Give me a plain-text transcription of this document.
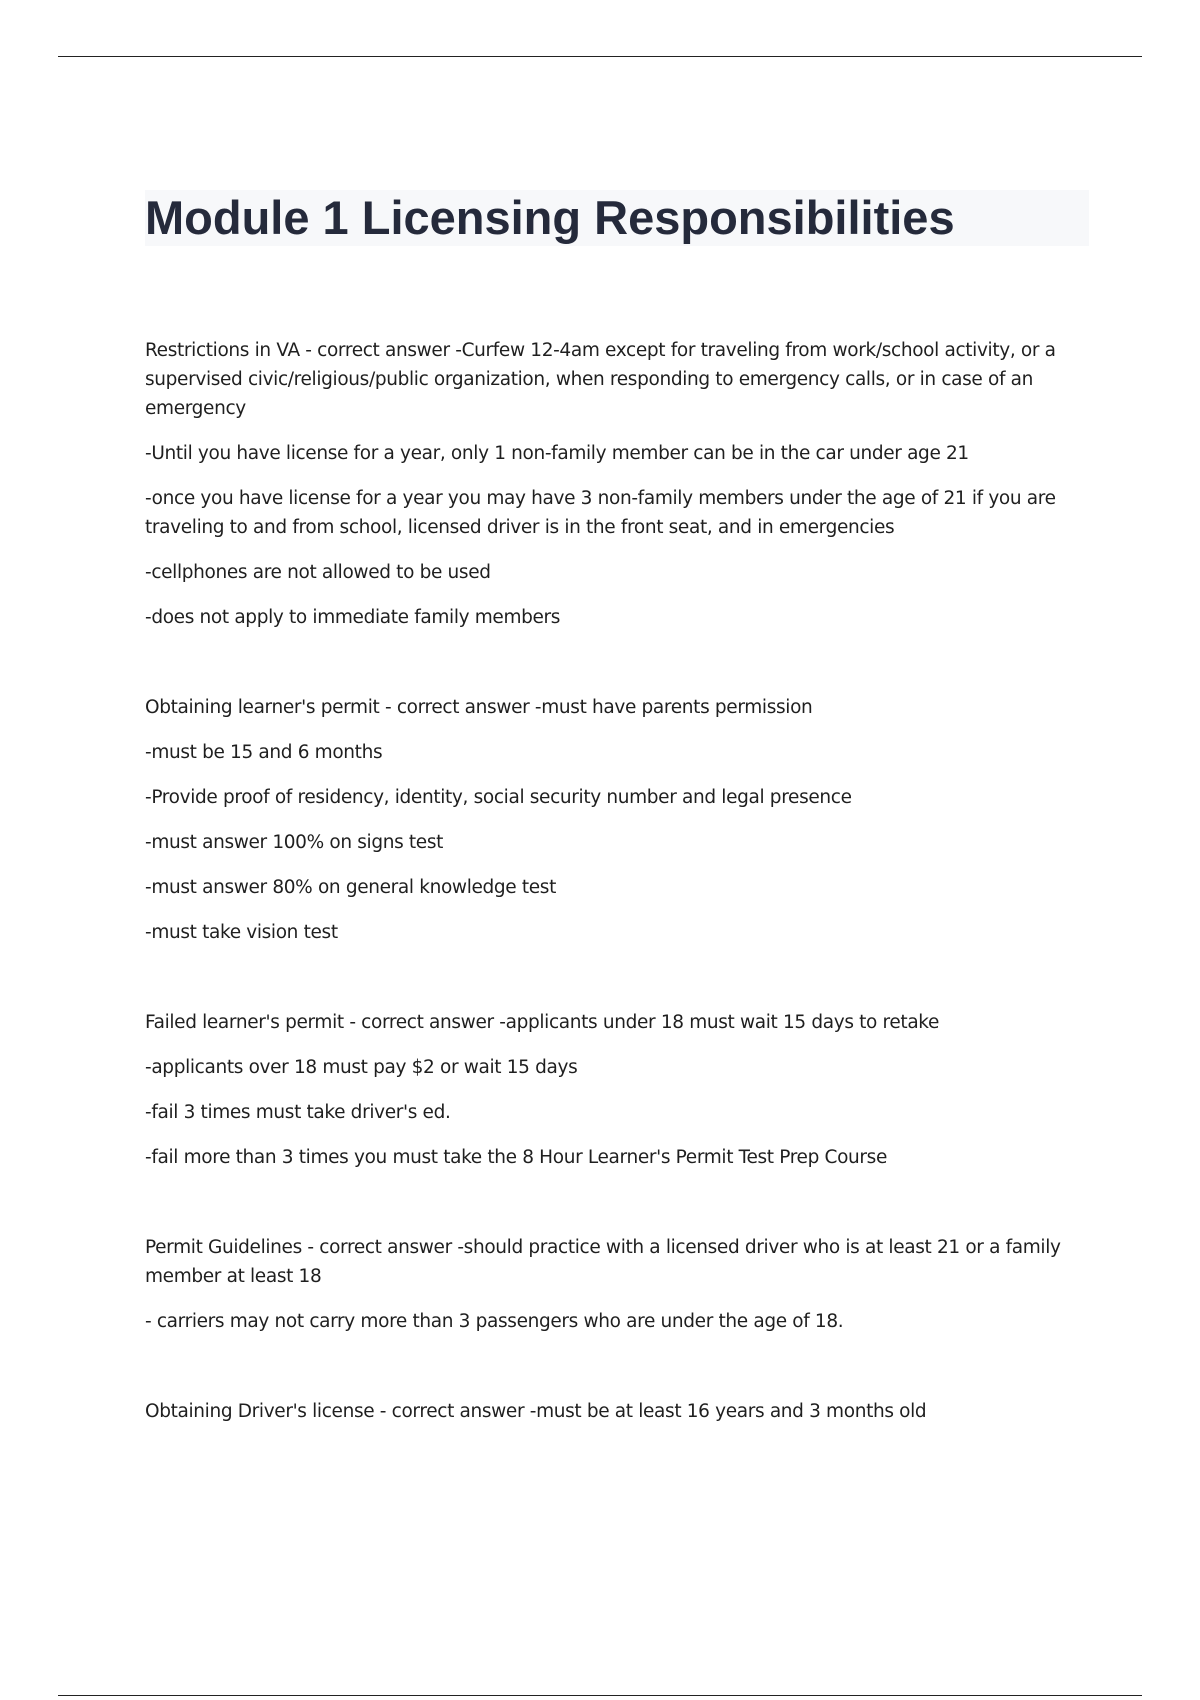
Module 1 Licensing Responsibilities

Restrictions in VA - correct answer -Curfew 12-4am except for traveling from work/school activity, or a supervised civic/religious/public organization, when responding to emergency calls, or in case of an emergency

-Until you have license for a year, only 1 non-family member can be in the car under age 21

-once you have license for a year you may have 3 non-family members under the age of 21 if you are traveling to and from school, licensed driver is in the front seat, and in emergencies

-cellphones are not allowed to be used

-does not apply to immediate family members

Obtaining learner's permit - correct answer -must have parents permission

-must be 15 and 6 months

-Provide proof of residency, identity, social security number and legal presence

-must answer 100% on signs test

-must answer 80% on general knowledge test

-must take vision test

Failed learner's permit - correct answer -applicants under 18 must wait 15 days to retake

-applicants over 18 must pay $2 or wait 15 days

-fail 3 times must take driver's ed.

-fail more than 3 times you must take the 8 Hour Learner's Permit Test Prep Course

Permit Guidelines - correct answer -should practice with a licensed driver who is at least 21 or a family member at least 18

- carriers may not carry more than 3 passengers who are under the age of 18.

Obtaining Driver's license - correct answer -must be at least 16 years and 3 months old
